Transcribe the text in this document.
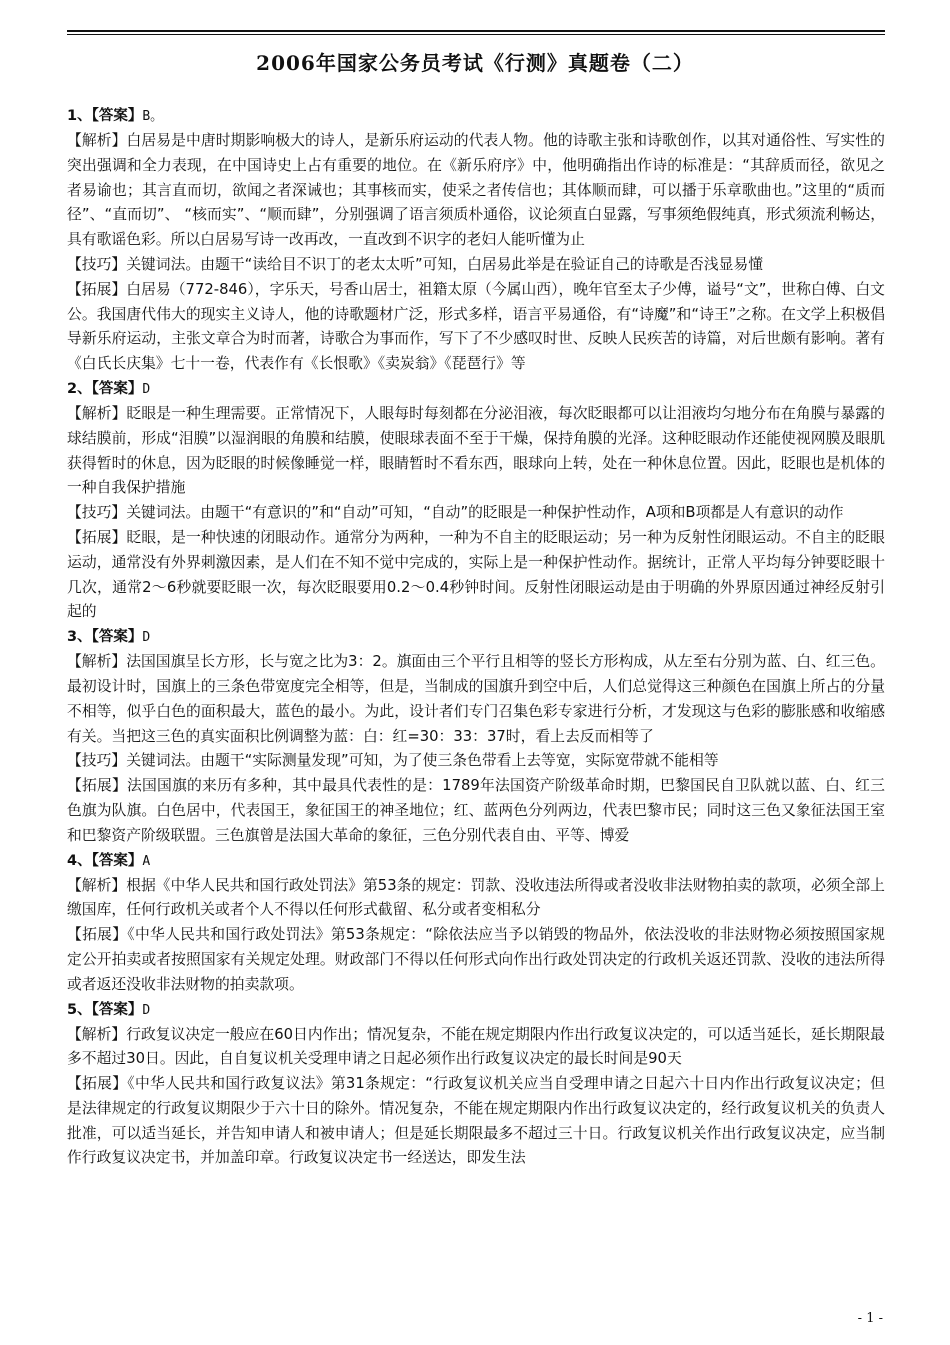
2006年国家公务员考试《行测》真题卷（二）
1、【答案】B。
【解析】白居易是中唐时期影响极大的诗人，是新乐府运动的代表人物。他的诗歌主张和诗歌创作，以其对通俗性、写实性的突出强调和全力表现，在中国诗史上占有重要的地位。在《新乐府序》中，他明确指出作诗的标准是：“其辞质而径，欲见之者易谕也；其言直而切，欲闻之者深诫也；其事核而实，使采之者传信也；其体顺而肆，可以播于乐章歌曲也。”这里的“质而径”、“直而切”、 “核而实”、“顺而肆”，分别强调了语言须质朴通俗，议论须直白显露，写事须绝假纯真，形式须流利畅达，具有歌谣色彩。所以白居易写诗一改再改，一直改到不识字的老妇人能听懂为止
【技巧】关键词法。由题干“读给目不识丁的老太太听”可知，白居易此举是在验证自己的诗歌是否浅显易懂
【拓展】白居易（772-846），字乐天，号香山居士，祖籍太原（今属山西），晚年官至太子少傅，谥号“文”，世称白傅、白文公。我国唐代伟大的现实主义诗人，他的诗歌题材广泛，形式多样，语言平易通俗，有“诗魔”和“诗王”之称。在文学上积极倡导新乐府运动，主张文章合为时而著，诗歌合为事而作，写下了不少感叹时世、反映人民疾苦的诗篇，对后世颇有影响。著有《白氏长庆集》七十一卷，代表作有《长恨歌》《卖炭翁》《琵琶行》等
2、【答案】D
【解析】眨眼是一种生理需要。正常情况下，人眼每时每刻都在分泌泪液，每次眨眼都可以让泪液均匀地分布在角膜与暴露的球结膜前，形成“泪膜”以湿润眼的角膜和结膜，使眼球表面不至于干燥，保持角膜的光泽。这种眨眼动作还能使视网膜及眼肌获得暂时的休息，因为眨眼的时候像睡觉一样，眼睛暂时不看东西，眼球向上转，处在一种休息位置。因此，眨眼也是机体的一种自我保护措施
【技巧】关键词法。由题干“有意识的”和“自动”可知，“自动”的眨眼是一种保护性动作，A项和B项都是人有意识的动作
【拓展】眨眼，是一种快速的闭眼动作。通常分为两种，一种为不自主的眨眼运动；另一种为反射性闭眼运动。不自主的眨眼运动，通常没有外界刺激因素，是人们在不知不觉中完成的，实际上是一种保护性动作。据统计，正常人平均每分钟要眨眼十几次，通常2～6秒就要眨眼一次，每次眨眼要用0.2～0.4秒钟时间。反射性闭眼运动是由于明确的外界原因通过神经反射引起的
3、【答案】D
【解析】法国国旗呈长方形，长与宽之比为3：2。旗面由三个平行且相等的竖长方形构成，从左至右分别为蓝、白、红三色。最初设计时，国旗上的三条色带宽度完全相等，但是，当制成的国旗升到空中后，人们总觉得这三种颜色在国旗上所占的分量不相等，似乎白色的面积最大，蓝色的最小。为此，设计者们专门召集色彩专家进行分析，才发现这与色彩的膨胀感和收缩感有关。当把这三色的真实面积比例调整为蓝：白：红=30：33：37时，看上去反而相等了
【技巧】关键词法。由题干“实际测量发现”可知，为了使三条色带看上去等宽，实际宽带就不能相等
【拓展】法国国旗的来历有多种，其中最具代表性的是：1789年法国资产阶级革命时期，巴黎国民自卫队就以蓝、白、红三色旗为队旗。白色居中，代表国王，象征国王的神圣地位；红、蓝两色分列两边，代表巴黎市民；同时这三色又象征法国王室和巴黎资产阶级联盟。三色旗曾是法国大革命的象征，三色分别代表自由、平等、博爱
4、【答案】A
【解析】根据《中华人民共和国行政处罚法》第53条的规定：罚款、没收违法所得或者没收非法财物拍卖的款项，必须全部上缴国库，任何行政机关或者个人不得以任何形式截留、私分或者变相私分
【拓展】《中华人民共和国行政处罚法》第53条规定：“除依法应当予以销毁的物品外，依法没收的非法财物必须按照国家规定公开拍卖或者按照国家有关规定处理。财政部门不得以任何形式向作出行政处罚决定的行政机关返还罚款、没收的违法所得或者返还没收非法财物的拍卖款项。
5、【答案】D
【解析】行政复议决定一般应在60日内作出；情况复杂，不能在规定期限内作出行政复议决定的，可以适当延长，延长期限最多不超过30日。因此，自自复议机关受理申请之日起必须作出行政复议决定的最长时间是90天
【拓展】《中华人民共和国行政复议法》第31条规定：“行政复议机关应当自受理申请之日起六十日内作出行政复议决定；但是法律规定的行政复议期限少于六十日的除外。情况复杂，不能在规定期限内作出行政复议决定的，经行政复议机关的负责人批准，可以适当延长，并告知申请人和被申请人；但是延长期限最多不超过三十日。行政复议机关作出行政复议决定，应当制作行政复议决定书，并加盖印章。行政复议决定书一经送达，即发生法
- 1 -
